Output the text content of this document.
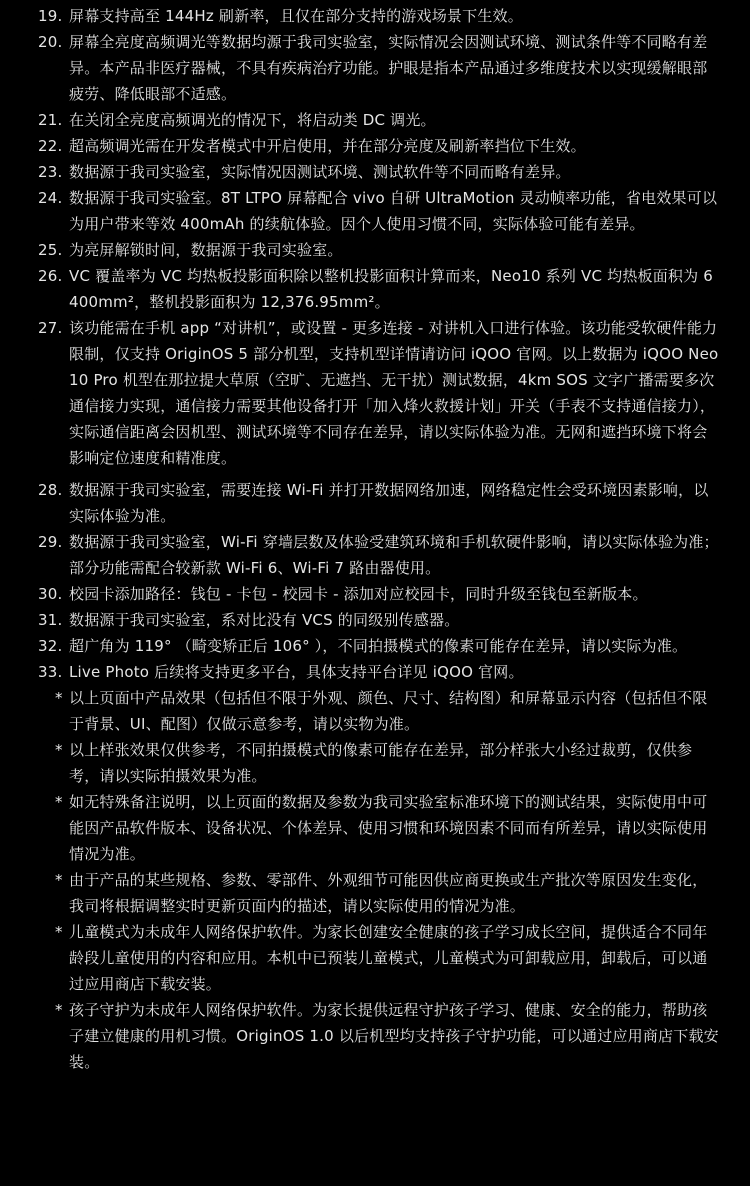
19. 屏幕支持高至 144Hz 刷新率，且仅在部分支持的游戏场景下生效。
20. 屏幕全亮度高频调光等数据均源于我司实验室，实际情况会因测试环境、测试条件等不同略有差异。本产品非医疗器械，不具有疾病治疗功能。护眼是指本产品通过多维度技术以实现缓解眼部疲劳、降低眼部不适感。
21. 在关闭全亮度高频调光的情况下，将启动类 DC 调光。
22. 超高频调光需在开发者模式中开启使用，并在部分亮度及刷新率挡位下生效。
23. 数据源于我司实验室，实际情况因测试环境、测试软件等不同而略有差异。
24. 数据源于我司实验室。8T LTPO 屏幕配合 vivo 自研 UltraMotion 灵动帧率功能，省电效果可以为用户带来等效 400mAh 的续航体验。因个人使用习惯不同，实际体验可能有差异。
25. 为亮屏解锁时间，数据源于我司实验室。
26. VC 覆盖率为 VC 均热板投影面积除以整机投影面积计算而来，Neo10 系列 VC 均热板面积为 6400mm²，整机投影面积为 12,376.95mm²。
27. 该功能需在手机 app “对讲机”，或设置 - 更多连接 - 对讲机入口进行体验。该功能受软硬件能力限制，仅支持 OriginOS 5 部分机型，支持机型详情请访问 iQOO 官网。以上数据为 iQOO Neo10 Pro 机型在那拉提大草原（空旷、无遮挡、无干扰）测试数据，4km SOS 文字广播需要多次通信接力实现，通信接力需要其他设备打开「加入烽火救援计划」开关（手表不支持通信接力），实际通信距离会因机型、测试环境等不同存在差异，请以实际体验为准。无网和遮挡环境下将会影响定位速度和精准度。
28. 数据源于我司实验室，需要连接 Wi-Fi 并打开数据网络加速，网络稳定性会受环境因素影响，以实际体验为准。
29. 数据源于我司实验室，Wi-Fi 穿墙层数及体验受建筑环境和手机软硬件影响，请以实际体验为准；部分功能需配合较新款 Wi-Fi 6、Wi-Fi 7 路由器使用。
30. 校园卡添加路径：钱包 - 卡包 - 校园卡 - 添加对应校园卡，同时升级至钱包至新版本。
31. 数据源于我司实验室，系对比没有 VCS 的同级别传感器。
32. 超广角为 119° （畸变矫正后 106° ），不同拍摄模式的像素可能存在差异，请以实际为准。
33. Live Photo 后续将支持更多平台，具体支持平台详见 iQOO 官网。
* 以上页面中产品效果（包括但不限于外观、颜色、尺寸、结构图）和屏幕显示内容（包括但不限于背景、UI、配图）仅做示意参考，请以实物为准。
* 以上样张效果仅供参考，不同拍摄模式的像素可能存在差异，部分样张大小经过裁剪，仅供参考，请以实际拍摄效果为准。
* 如无特殊备注说明，以上页面的数据及参数为我司实验室标准环境下的测试结果，实际使用中可能因产品软件版本、设备状况、个体差异、使用习惯和环境因素不同而有所差异，请以实际使用情况为准。
* 由于产品的某些规格、参数、零部件、外观细节可能因供应商更换或生产批次等原因发生变化，我司将根据调整实时更新页面内的描述，请以实际使用的情况为准。
* 儿童模式为未成年人网络保护软件。为家长创建安全健康的孩子学习成长空间，提供适合不同年龄段儿童使用的内容和应用。本机中已预装儿童模式，儿童模式为可卸载应用，卸载后，可以通过应用商店下载安装。
* 孩子守护为未成年人网络保护软件。为家长提供远程守护孩子学习、健康、安全的能力，帮助孩子建立健康的用机习惯。OriginOS 1.0 以后机型均支持孩子守护功能，可以通过应用商店下载安装。
